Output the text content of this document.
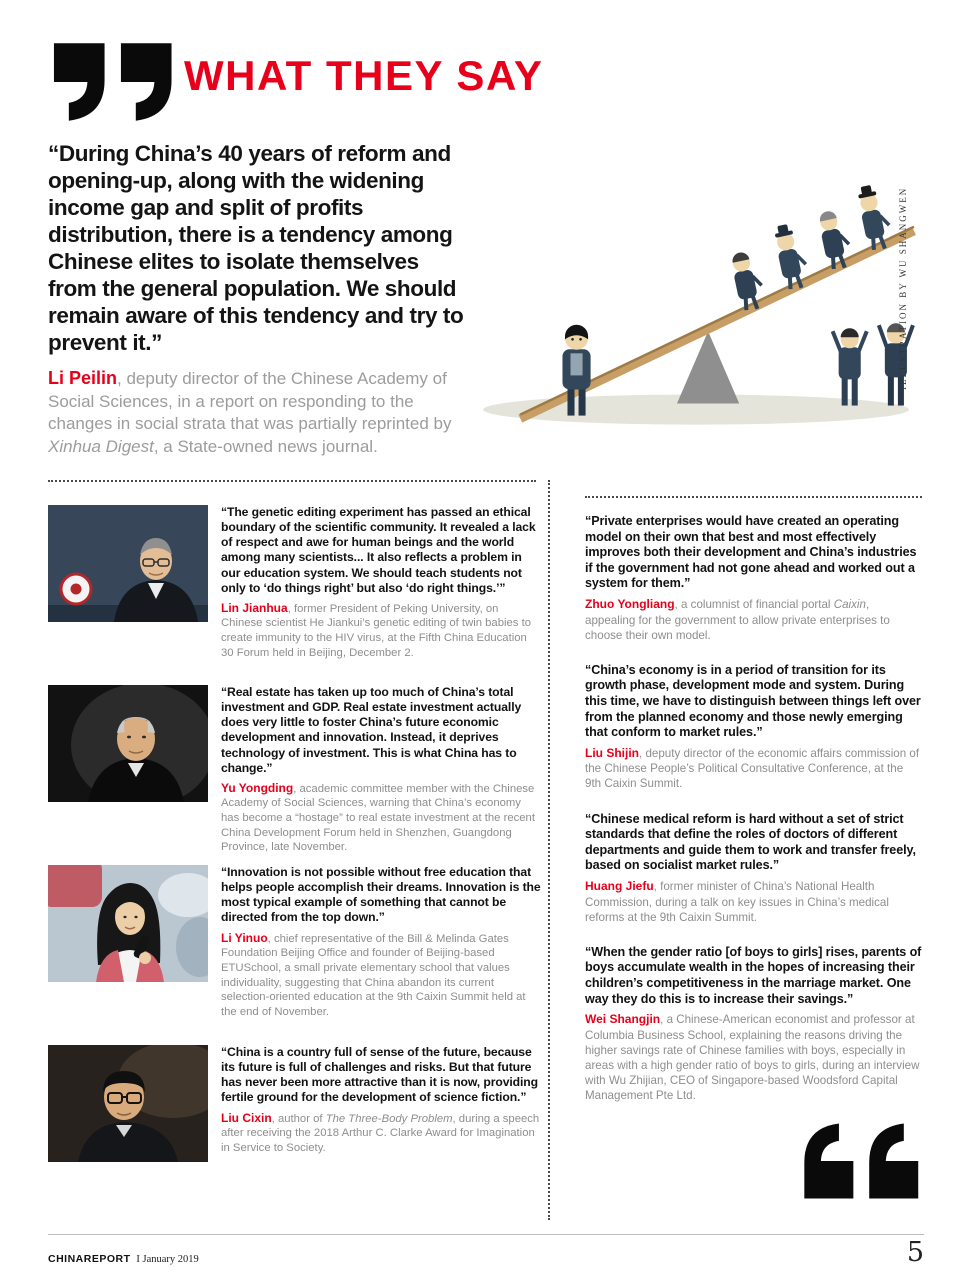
WHAT THEY SAY

“During China’s 40 years of reform and opening-up, along with the widening income gap and split of profits distribution, there is a tendency among Chinese elites to isolate themselves from the general population. We should remain aware of this tendency and try to prevent it.”

Li Peilin, deputy director of the Chinese Academy of Social Sciences, in a report on responding to the changes in social strata that was partially reprinted by Xinhua Digest, a State-owned news journal.

ILLUSTRATION BY WU SHANGWEN

“The genetic editing experiment has passed an ethical boundary of the scientific community. It revealed a lack of respect and awe for human beings and the world among many scientists... It also reflects a problem in our education system. We should teach students not only to ‘do things right’ but also ‘do right things.’”

Lin Jianhua, former President of Peking University, on Chinese scientist He Jiankui’s genetic editing of twin babies to create immunity to the HIV virus, at the Fifth China Education 30 Forum held in Beijing, December 2.

“Real estate has taken up too much of China’s total investment and GDP. Real estate investment actually does very little to foster China’s future economic development and innovation. Instead, it deprives technology of investment. This is what China has to change.”

Yu Yongding, academic committee member with the Chinese Academy of Social Sciences, warning that China’s economy has become a “hostage” to real estate investment at the recent China Development Forum held in Shenzhen, Guangdong Province, late November.

“Innovation is not possible without free education that helps people accomplish their dreams. Innovation is the most typical example of something that cannot be directed from the top down.”

Li Yinuo, chief representative of the Bill & Melinda Gates Foundation Beijing Office and founder of Beijing-based ETUSchool, a small private elementary school that values individuality, suggesting that China abandon its current selection-oriented education at the 9th Caixin Summit held at the end of November.

“China is a country full of sense of the future, because its future is full of challenges and risks. But that future has never been more attractive than it is now, providing fertile ground for the development of science fiction.”

Liu Cixin, author of The Three-Body Problem, during a speech after receiving the 2018 Arthur C. Clarke Award for Imagination in Service to Society.

“Private enterprises would have created an operating model on their own that best and most effectively improves both their development and China’s industries if the government had not gone ahead and worked out a system for them.”

Zhuo Yongliang, a columnist of financial portal Caixin, appealing for the government to allow private enterprises to choose their own model.

“China’s economy is in a period of transition for its growth phase, development mode and system. During this time, we have to distinguish between things left over from the planned economy and those newly emerging that conform to market rules.”

Liu Shijin, deputy director of the economic affairs commission of the Chinese People’s Political Consultative Conference, at the 9th Caixin Summit.

“Chinese medical reform is hard without a set of strict standards that define the roles of doctors of different departments and guide them to work and transfer freely, based on socialist market rules.”

Huang Jiefu, former minister of China’s National Health Commission, during a talk on key issues in China’s medical reforms at the 9th Caixin Summit.

“When the gender ratio [of boys to girls] rises, parents of boys accumulate wealth in the hopes of increasing their children’s competitiveness in the marriage market. One way they do this is to increase their savings.”

Wei Shangjin, a Chinese-American economist and professor at Columbia Business School, explaining the reasons driving the higher savings rate of Chinese families with boys, especially in areas with a high gender ratio of boys to girls, during an interview with Wu Zhijian, CEO of Singapore-based Woodsford Capital Management Pte Ltd.

CHINAREPORT I January 2019	5
